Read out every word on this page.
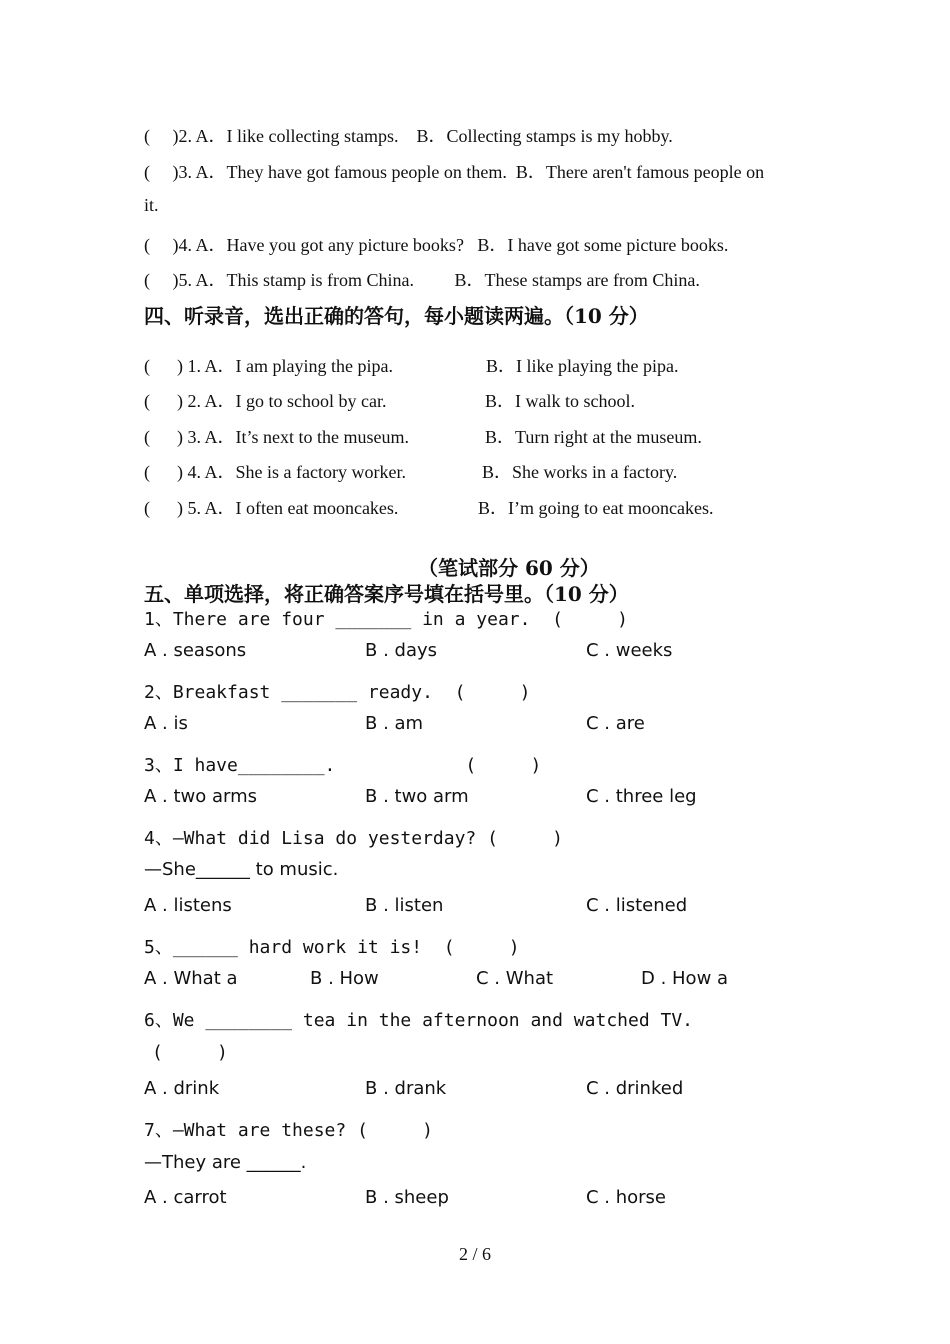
(     )2. A．I like collecting stamps.    B．Collecting stamps is my hobby.
(     )3. A．They have got famous people on them.  B．There aren't famous people on
it.
(     )4. A．Have you got any picture books?   B．I have got some picture books.
(     )5. A．This stamp is from China.         B．These stamps are from China.
四、听录音，选出正确的答句，每小题读两遍。（10 分）
(      ) 1. A．I am playing the pipa.	B．I like playing the pipa.
(      ) 2. A．I go to school by car.	B．I walk to school.
(      ) 3. A．It’s next to the museum.	B．Turn right at the museum.
(      ) 4. A．She is a factory worker.	B．She works in a factory.
(      ) 5. A．I often eat mooncakes.	B．I’m going to eat mooncakes.
（笔试部分 60 分）
五、单项选择，将正确答案序号填在括号里。（10 分）
1、There are four _______ in a year.  (     )
A . seasons	B . days	C . weeks
2、Breakfast _______ ready.  (     )
A . is	B . am	C . are
3、I have________.            (     )
A . two arms	B . two arm	C . three leg
4、—What did Lisa do yesterday? (     )
—She______ to music.
A . listens	B . listen	C . listened
5、______ hard work it is!  (     )
A . What a	B . How	C . What	D . How a
6、We ________ tea in the afternoon and watched TV.
(     )
A . drink	B . drank	C . drinked
7、—What are these? (     )
—They are ______.
A . carrot	B . sheep	C . horse
2 / 6
